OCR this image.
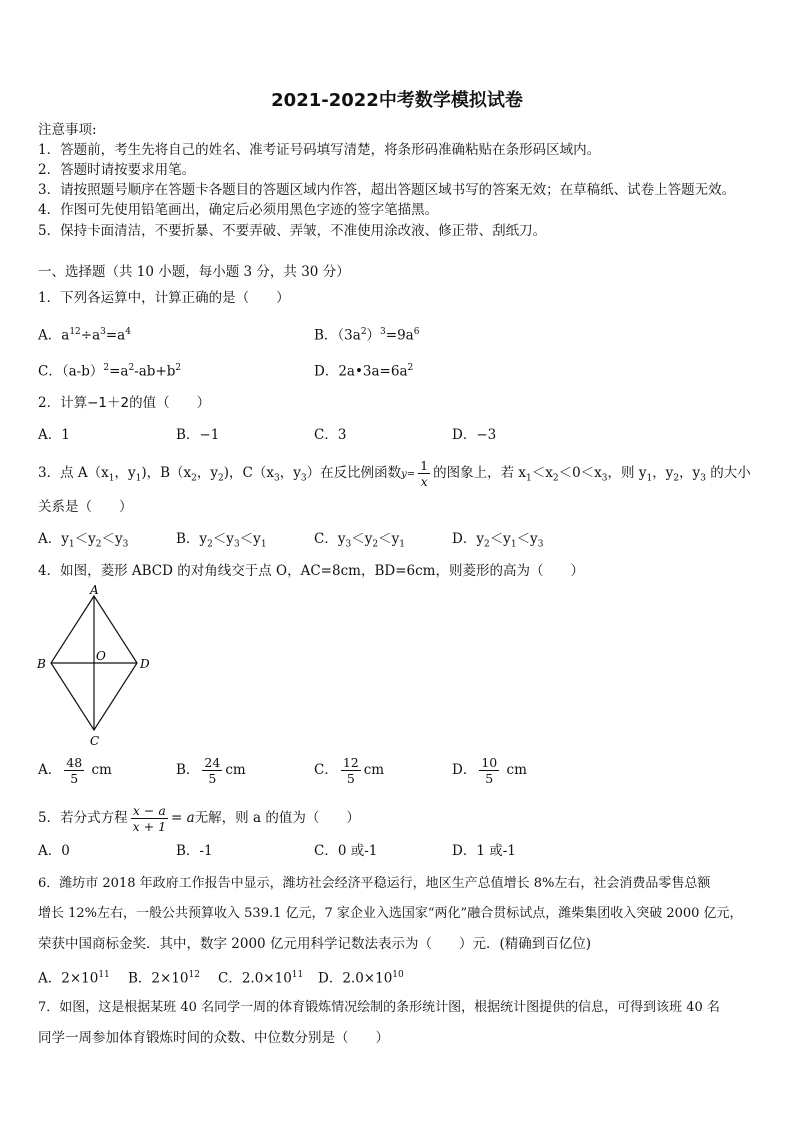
2021-2022中考数学模拟试卷
注意事项:
1．答题前，考生先将自己的姓名、准考证号码填写清楚，将条形码准确粘贴在条形码区域内。
2．答题时请按要求用笔。
3．请按照题号顺序在答题卡各题目的答题区域内作答，超出答题区域书写的答案无效；在草稿纸、试卷上答题无效。
4．作图可先使用铅笔画出，确定后必须用黑色字迹的签字笔描黑。
5．保持卡面清洁，不要折暴、不要弄破、弄皱，不准使用涂改液、修正带、刮纸刀。
一、选择题（共 10 小题，每小题 3 分，共 30 分）
1．下列各运算中，计算正确的是（　　）
A．$a^{12}\div a^3=a^4$	B．$(3a^2)^3=9a^6$
C．$(a-b)^2=a^2-ab+b^2$	D．$2a•3a=6a^2$
2．计算−1＋2的值（　　）
A．1	B．−1	C．3	D．−3
3．点 $A(x_1$，$y_1$)，$B(x_2$，$y_2$)，$C(x_3$，$y_3$）在反比例函数$y= \frac{1}{x}$ 的图象上，若 $x_1<x_2<0<x_3$，则 $y_1$，$y_2$，$y_3$ 的大小
关系是（　　）
A．$y_1<y_2<y_3$	B．$y_2<y_3<y_1$	C．$y_3<y_2<y_1$	D．$y_2<y_1<y_3$
4．如图，菱形 ABCD 的对角线交于点 O，AC=8cm，BD=6cm，则菱形的高为（　　）
A
B
C
D
O
A． $\frac{48}{5}$ cm	B． $\frac{24}{5}$ cm	C． $\frac{12}{5}$ cm	D． $\frac{10}{5}$ cm
5．若分式方程 $\frac{x - a}{x + 1} = a$无解，则 a 的值为（　　）
A．0	B．-1	C．0 或-1	D．1 或-1
6．潍坊市 2018 年政府工作报告中显示，潍坊社会经济平稳运行，地区生产总值增长 8%左右，社会消费品零售总额
增长 12%左右，一般公共预算收入 539.1 亿元，7 家企业入选国家“两化”融合贯标试点，潍柴集团收入突破 2000 亿元，
荣获中国商标金奖．其中，数字 2000 亿元用科学记数法表示为（　　）元．(精确到百亿位)
A．$2\times 10^{11}$ B．$2\times 10^{12}$ C．$2.0\times 10^{11}$ D．$2.0\times 10^{10}$
7．如图，这是根据某班 40 名同学一周的体育锻炼情况绘制的条形统计图，根据统计图提供的信息，可得到该班 40 名
同学一周参加体育锻炼时间的众数、中位数分别是（　　）
